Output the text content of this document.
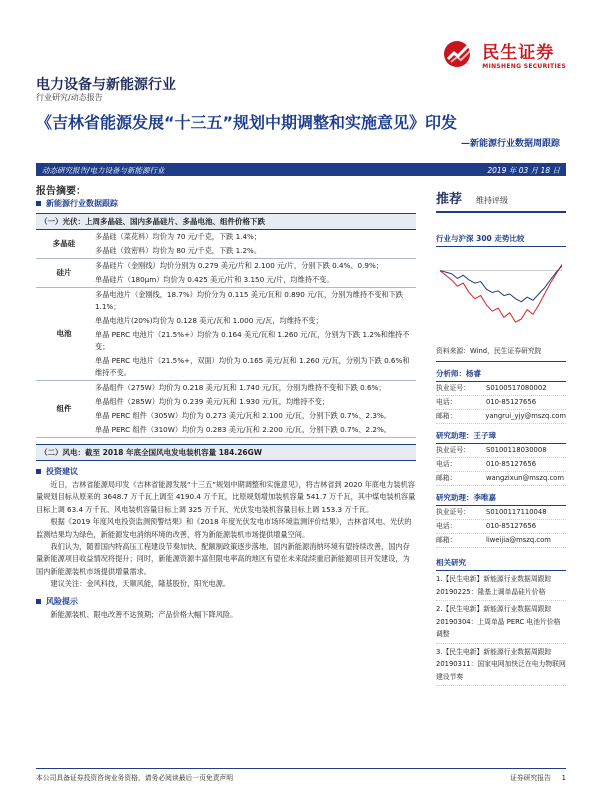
民生证券
MINSHENG SECURITIES
电力设备与新能源行业
行业研究/动态报告
《吉林省能源发展“十三五”规划中期调整和实施意见》印发
—新能源行业数据周跟踪
动态研究报告/电力设备与新能源行业	2019 年 03 月 18 日
报告摘要：
新能源行业数据跟踪
（一）光伏：上周多晶硅、国内多晶硅片、多晶电池、组件价格下跌
多晶硅	多晶硅（菜花料）均价为 70 元/千克，下跌 1.4%；
	多晶硅（致密料）均价为 80 元/千克，下跌 1.2%。
硅片	多晶硅片（金刚线）均价分别为 0.279 美元/片和 2.100 元/片，分别下跌 0.4%、0.9%；
	单晶硅片（180μm）均价为 0.425 美元/片和 3.150 元/片，均维持不变。
电池	多晶电池片（金刚线，18.7%）均价分为 0.115 美元/瓦和 0.890 元/瓦，分别为维持不变和下跌 1.1%；
	单晶电池片(20%)均价为 0.128 美元/瓦和 1.000 元/瓦，均维持不变；
	单晶 PERC 电池片（21.5%+）均价为 0.164 美元/瓦和 1.260 元/瓦，分别为下跌 1.2%和维持不变；
	单晶 PERC 电池片（21.5%+，双面）均价为 0.165 美元/瓦和 1.260 元/瓦，分别为下跌 0.6%和维持不变。
组件	多晶组件（275W）均价为 0.218 美元/瓦和 1.740 元/瓦，分别为维持不变和下跌 0.6%；
	单晶组件（285W）均价为 0.239 美元/瓦和 1.930 元/瓦，均维持不变；
	单晶 PERC 组件（305W）均价为 0.273 美元/瓦和 2.100 元/瓦，分别下跌 0.7%、2.3%。
	单晶 PERC 组件（310W）均价为 0.283 美元/瓦和 2.200 元/瓦，分别下跌 0.7%、2.2%。
（二）风电：截至 2018 年底全国风电发电装机容量 184.26GW
投资建议
近日，吉林省能源局印发《吉林省能源发展“十三五”规划中期调整和实施意见》，将吉林省到 2020 年底电力装机容量规划目标从原来的 3648.7 万千瓦上调至 4190.4 万千瓦，比原规划增加装机容量 541.7 万千瓦，其中煤电装机容量目标上调 63.4 万千瓦、风电装机容量目标上调 325 万千瓦、光伏发电装机容量目标上调 153.3 万千瓦。
根据《2019 年度风电投资监测预警结果》和《2018 年度光伏发电市场环境监测评价结果》，吉林省风电、光伏的监测结果均为绿色，新能源发电消纳环境的改善，将为新能源装机市场提供增量空间。
我们认为，随着国内特高压工程建设节奏加快、配额制政策逐步落地，国内新能源消纳环境有望持续改善，国内存量新能源项目收益情况将提升；同时，新能源资源丰富但限电率高的地区有望在未来陆续重启新能源项目开发建设，为国内新能源装机市场提供增量需求。
建议关注：金风科技，天顺风能，隆基股份，阳光电源。
风险提示
新能源装机、限电改善不达预期；产品价格大幅下降风险。
推荐 维持评级
行业与沪深 300 走势比较
资料来源：Wind，民生证券研究院
分析师：杨睿
执业证号：	S0100517080002
电话：	010-85127656
邮箱：	yangrui_yjy@mszq.com
研究助理：王子璋
执业证号：	S0100118030008
电话：	010-85127656
邮箱：	wangzixun@mszq.com
研究助理：李唯嘉
执业证号：	S0100117110048
电话：	010-85127656
邮箱：	liweijia@mszq.com
相关研究
1.【民生电新】新能源行业数据周跟踪 20190225：隆基上调单晶硅片价格
2.【民生电新】新能源行业数据周跟踪 20190304：上周单晶 PERC 电池片价格调整
3.【民生电新】新能源行业数据周跟踪 20190311：国家电网加快泛在电力物联网建设节奏
本公司具备证券投资咨询业务资格，请务必阅读最后一页免责声明	证券研究报告 1
